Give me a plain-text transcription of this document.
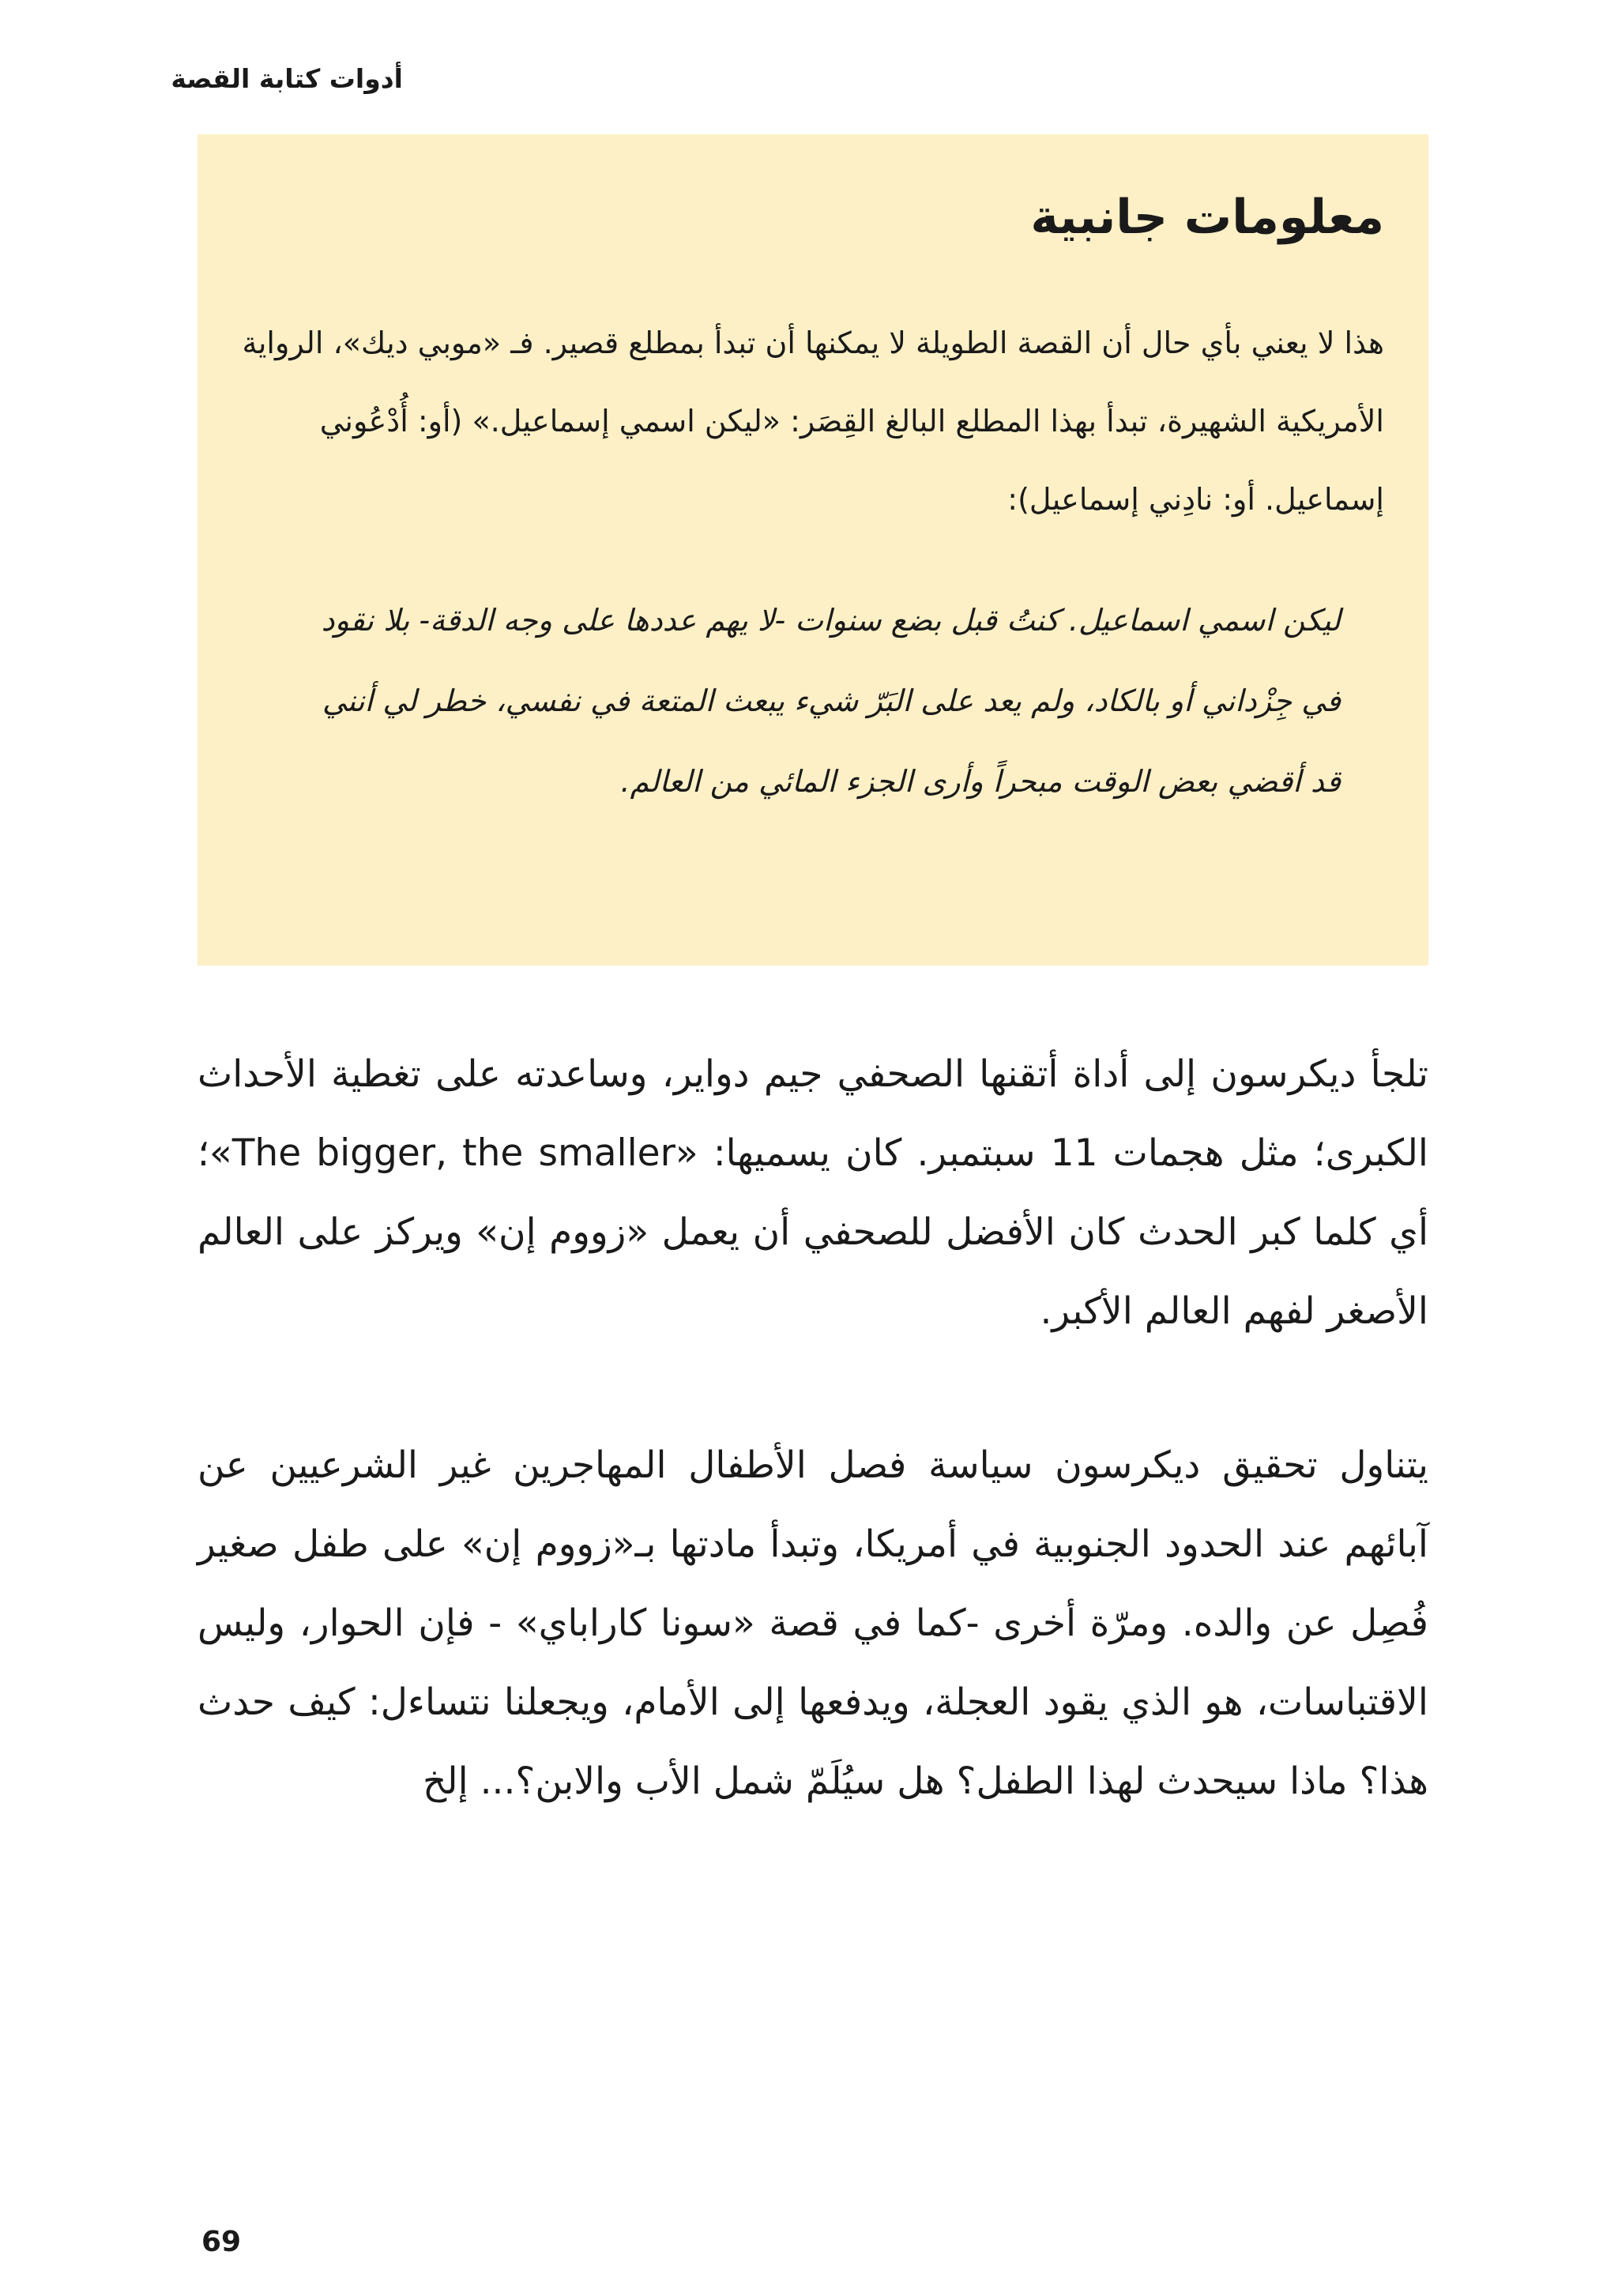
أدوات كتابة القصة
معلومات جانبية

هذا لا يعني بأي حال أن القصة الطويلة لا يمكنها أن تبدأ بمطلع قصير. فـ «موبي ديك»، الرواية الأمريكية الشهيرة، تبدأ بهذا المطلع البالغ القِصَر: «ليكن اسمي إسماعيل.» (أو: أُدْعُوني إسماعيل. أو: نادِني إسماعيل):

ليكن اسمي اسماعيل. كنتُ قبل بضع سنوات -لا يهم عددها على وجه الدقة- بلا نقود في جِزْداني أو بالكاد، ولم يعد على البَرّ شيء يبعث المتعة في نفسي، خطر لي أنني قد أقضي بعض الوقت مبحراً وأرى الجزء المائي من العالم.

تلجأ ديكرسون إلى أداة أتقنها الصحفي جيم دواير، وساعدته على تغطية الأحداث الكبرى؛ مثل هجمات 11 سبتمبر. كان يسميها: «The bigger, the smaller»؛ أي كلما كبر الحدث كان الأفضل للصحفي أن يعمل «زووم إن» ويركز على العالم الأصغر لفهم العالم الأكبر.

يتناول تحقيق ديكرسون سياسة فصل الأطفال المهاجرين غير الشرعيين عن آبائهم عند الحدود الجنوبية في أمريكا، وتبدأ مادتها بـ«زووم إن» على طفل صغير فُصِل عن والده. ومرّة أخرى -كما في قصة «سونا كاراباي» - فإن الحوار، وليس الاقتباسات، هو الذي يقود العجلة، ويدفعها إلى الأمام، ويجعلنا نتساءل: كيف حدث هذا؟ ماذا سيحدث لهذا الطفل؟ هل سيُلَمّ شمل الأب والابن؟... إلخ

69
